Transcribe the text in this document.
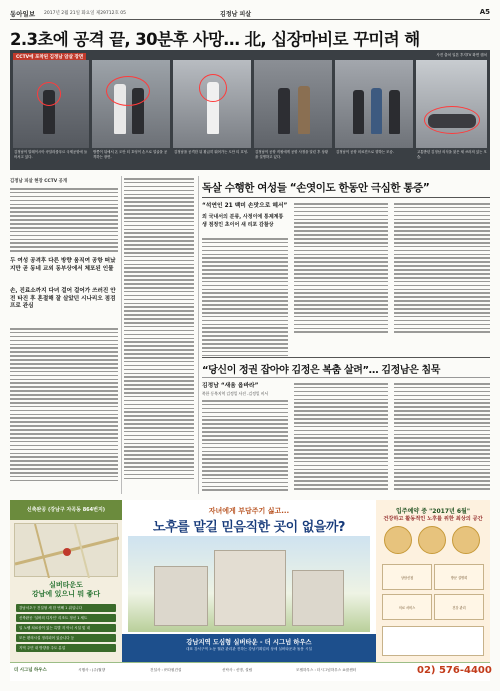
동아일보 2017년 2월 21일 화요일 제29712호 05	김정남 피살	A5
2.3초에 공격 끝, 30분후 사망… 北, 십장마비로 꾸미려 해
CCTV에 포착된 김정남 암살 장면	사진 출처 일본 후지TV 화면 캡처
김정남이 말레이시아 쿠알라룸푸르 국제공항에 들어서고 있다.
방콩이 뒤에서 온 도안 티 흐엉이 손으로 얼굴을 공격하는 장면.
김정남을 공격한 뒤 황급히 뛰어가는 도안 티 흐엉.	김정남이 공항 직원에게 공항 사정을 알린 후 상황을 설명하고 있다.
김정남이 공항 의료진으로 향하는 모습.	고통받던 김정남 의식을 잃은 채 쓰러져 있는 모습.
김정남 피살 현장 CCTV 공개
두 여성 공격후 다른 방향 움직여 공항 떠났지만 곧 동네 교외 동부상에서 체포된 인물
손, 진료소까지 다녀 걸어 걸어가 쓰러진 안전 타진 후 혼절해 잘 살았던 시나리오 점검 프로 관심
독살 수행한 여성들 “손엿이도 한동안 극심한 통증”
“석연인 21 백미 손맛으로 헤서”
외 국내서의 분류, 사정이에 통제계통 생 점정인 초이어 새 리포 감찰상
“당신이 정권 잡아야 김정은 복춤 살려”… 김정남은 침묵
김정남 “새움 옵바라”
북한 동북지역 김정일 사진 -김정일 비서
신축완공 (강남구 자곡동 864번지)
실버타운도
강남에 있으니 뭐 좋다
강남서초구 건설형 새 한 번째 1 위입니다
신축완공 '실버의 디자인' 리조트 정신 1 세트
일 노벨 치료상이 있는 특별 지 아너 시설 및 내
모든 편의시설 정리되어 있습니다 등
지역 주민 내 방향을 주도 분업
자녀에게 부담주기 싫고...
노후를 맡길 믿음직한 곳이 없을까?
강남지역 도심형 실버타운 - 더 시그넘 하우스
대표 강서구역 노동 월관 관리관 전하는 강남기획업의 상세 실버타운과 돌봄 시설
입주예약 중 "2017년 6월"
건강하고 활동적인 노후를 위한 최상의 공간
상담신청	방문 설명회
의료 서비스	건강 관리
더 시그넘 하우스	시행사 : (주)월향	건설사 : ㈜다원건설	신탁사 : 신명, 설립	모델하우스 : 더시그넘하우스 쇼룸센터	02) 576-4400
